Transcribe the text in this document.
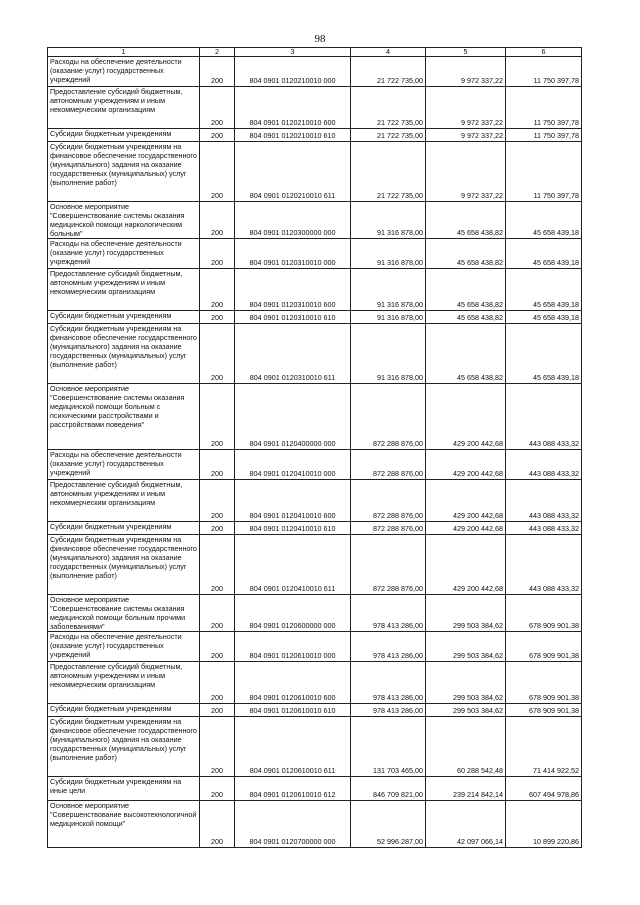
98
1	2	3	4	5	6
Расходы на обеспечение деятельности (оказание услуг) государственных учреждений	200	804 0901 0120210010 000	21 722 735,00	9 972 337,22	11 750 397,78
Предоставление субсидий бюджетным, автономным учреждениям и иным некоммерческим организациям	200	804 0901 0120210010 600	21 722 735,00	9 972 337,22	11 750 397,78
Субсидии бюджетным учреждениям	200	804 0901 0120210010 610	21 722 735,00	9 972 337,22	11 750 397,78
Субсидии бюджетным учреждениям на финансовое обеспечение государственного (муниципального) задания на оказание государственных (муниципальных) услуг (выполнение работ)	200	804 0901 0120210010 611	21 722 735,00	9 972 337,22	11 750 397,78
Основное мероприятие "Совершенствование системы оказания медицинской помощи наркологическим больным"	200	804 0901 0120300000 000	91 316 878,00	45 658 438,82	45 658 439,18
Расходы на обеспечение деятельности (оказание услуг) государственных учреждений	200	804 0901 0120310010 000	91 316 878,00	45 658 438,82	45 658 439,18
Предоставление субсидий бюджетным, автономным учреждениям и иным некоммерческим организациям	200	804 0901 0120310010 600	91 316 878,00	45 658 438,82	45 658 439,18
Субсидии бюджетным учреждениям	200	804 0901 0120310010 610	91 316 878,00	45 658 438,82	45 658 439,18
Субсидии бюджетным учреждениям на финансовое обеспечение государственного (муниципального) задания на оказание государственных (муниципальных) услуг (выполнение работ)	200	804 0901 0120310010 611	91 316 878,00	45 658 438,82	45 658 439,18
Основное мероприятие "Совершенствование системы оказания медицинской помощи больным с психическими расстройствами и расстройствами поведения"	200	804 0901 0120400000 000	872 288 876,00	429 200 442,68	443 088 433,32
Расходы на обеспечение деятельности (оказание услуг) государственных учреждений	200	804 0901 0120410010 000	872 288 876,00	429 200 442,68	443 088 433,32
Предоставление субсидий бюджетным, автономным учреждениям и иным некоммерческим организациям	200	804 0901 0120410010 600	872 288 876,00	429 200 442,68	443 088 433,32
Субсидии бюджетным учреждениям	200	804 0901 0120410010 610	872 288 876,00	429 200 442,68	443 088 433,32
Субсидии бюджетным учреждениям на финансовое обеспечение государственного (муниципального) задания на оказание государственных (муниципальных) услуг (выполнение работ)	200	804 0901 0120410010 611	872 288 876,00	429 200 442,68	443 088 433,32
Основное мероприятие "Совершенствование системы оказания медицинской помощи больным прочими заболеваниями"	200	804 0901 0120600000 000	978 413 286,00	299 503 384,62	678 909 901,38
Расходы на обеспечение деятельности (оказание услуг) государственных учреждений	200	804 0901 0120610010 000	978 413 286,00	299 503 384,62	678 909 901,38
Предоставление субсидий бюджетным, автономным учреждениям и иным некоммерческим организациям	200	804 0901 0120610010 600	978 413 286,00	299 503 384,62	678 909 901,38
Субсидии бюджетным учреждениям	200	804 0901 0120610010 610	978 413 286,00	299 503 384,62	678 909 901,38
Субсидии бюджетным учреждениям на финансовое обеспечение государственного (муниципального) задания на оказание государственных (муниципальных) услуг (выполнение работ)	200	804 0901 0120610010 611	131 703 465,00	60 288 542,48	71 414 922,52
Субсидии бюджетным учреждениям на иные цели	200	804 0901 0120610010 612	846 709 821,00	239 214 842,14	607 494 978,86
Основное мероприятие "Совершенствование высокотехнологичной медицинской помощи"	200	804 0901 0120700000 000	52 996 287,00	42 097 066,14	10 899 220,86
